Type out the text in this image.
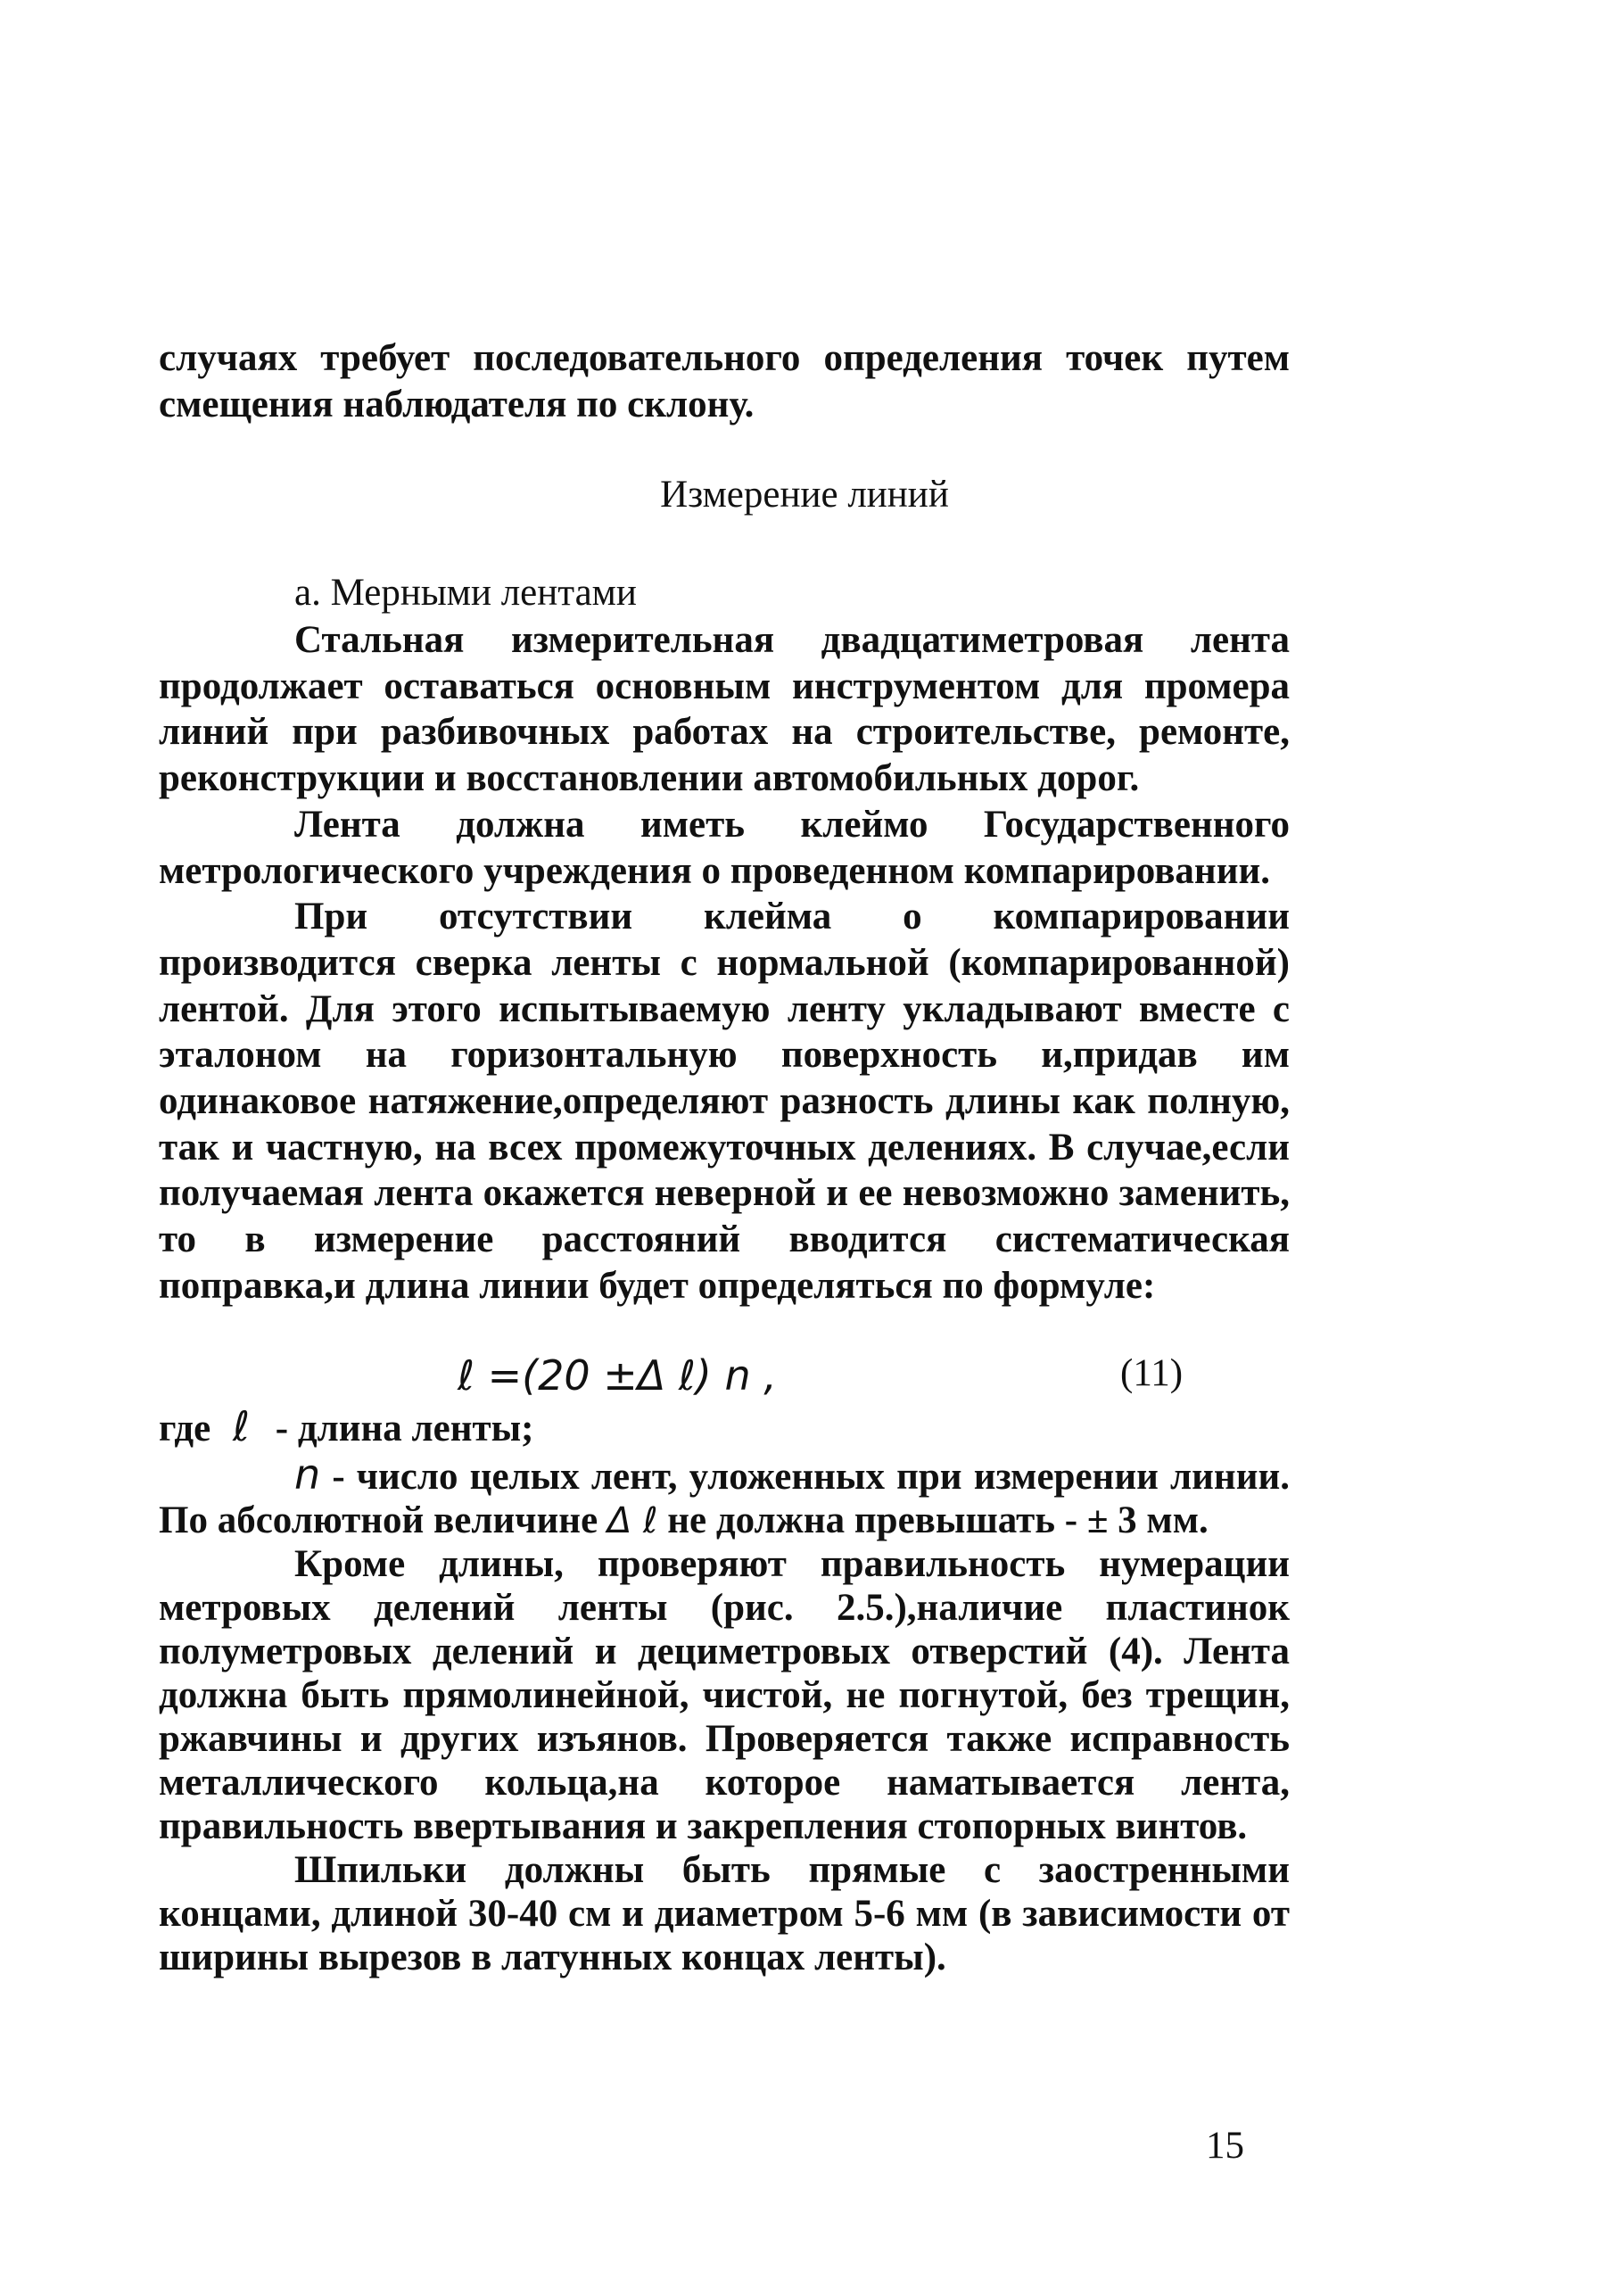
случаях требует последовательного определения точек путем смещения наблюдателя по склону.

Измерение линий
а. Мерными лентами

Стальная измерительная двадцатиметровая лента продолжает оставаться основным инструментом для промера линий при разбивочных работах на строительстве, ремонте, реконструкции и восстановлении автомобильных дорог.

Лента должна иметь клеймо Государственного метрологического учреждения о проведенном компарировании.

При отсутствии клейма о компарировании производится сверка ленты с нормальной (компарированной) лентой. Для этого испытываемую ленту укладывают вместе с эталоном на горизонтальную поверхность и,придав им одинаковое натяжение,определяют разность длины как полную, так и частную, на всех промежуточных делениях. В случае,если получаемая лента окажется неверной и ее невозможно заменить, то в измерение расстояний вводится систематическая поправка,и длина линии будет определяться по формуле:

ℓ =(20 ±Δ ℓ) n ,	(11)
где ℓ - длина ленты;
n - число целых лент, уложенных при измерении линии. По абсолютной величине Δ ℓ не должна превышать - ± 3 мм.

Кроме длины, проверяют правильность нумерации метровых делений ленты (рис. 2.5.),наличие пластинок полуметровых делений и дециметровых отверстий (4). Лента должна быть прямолинейной, чистой, не погнутой, без трещин, ржавчины и других изъянов. Проверяется также исправность металлического кольца,на которое наматывается лента, правильность ввертывания и закрепления стопорных винтов.

Шпильки должны быть прямые с заостренными концами, длиной 30-40 см и диаметром 5-6 мм (в зависимости от ширины вырезов в латунных концах ленты).

15
